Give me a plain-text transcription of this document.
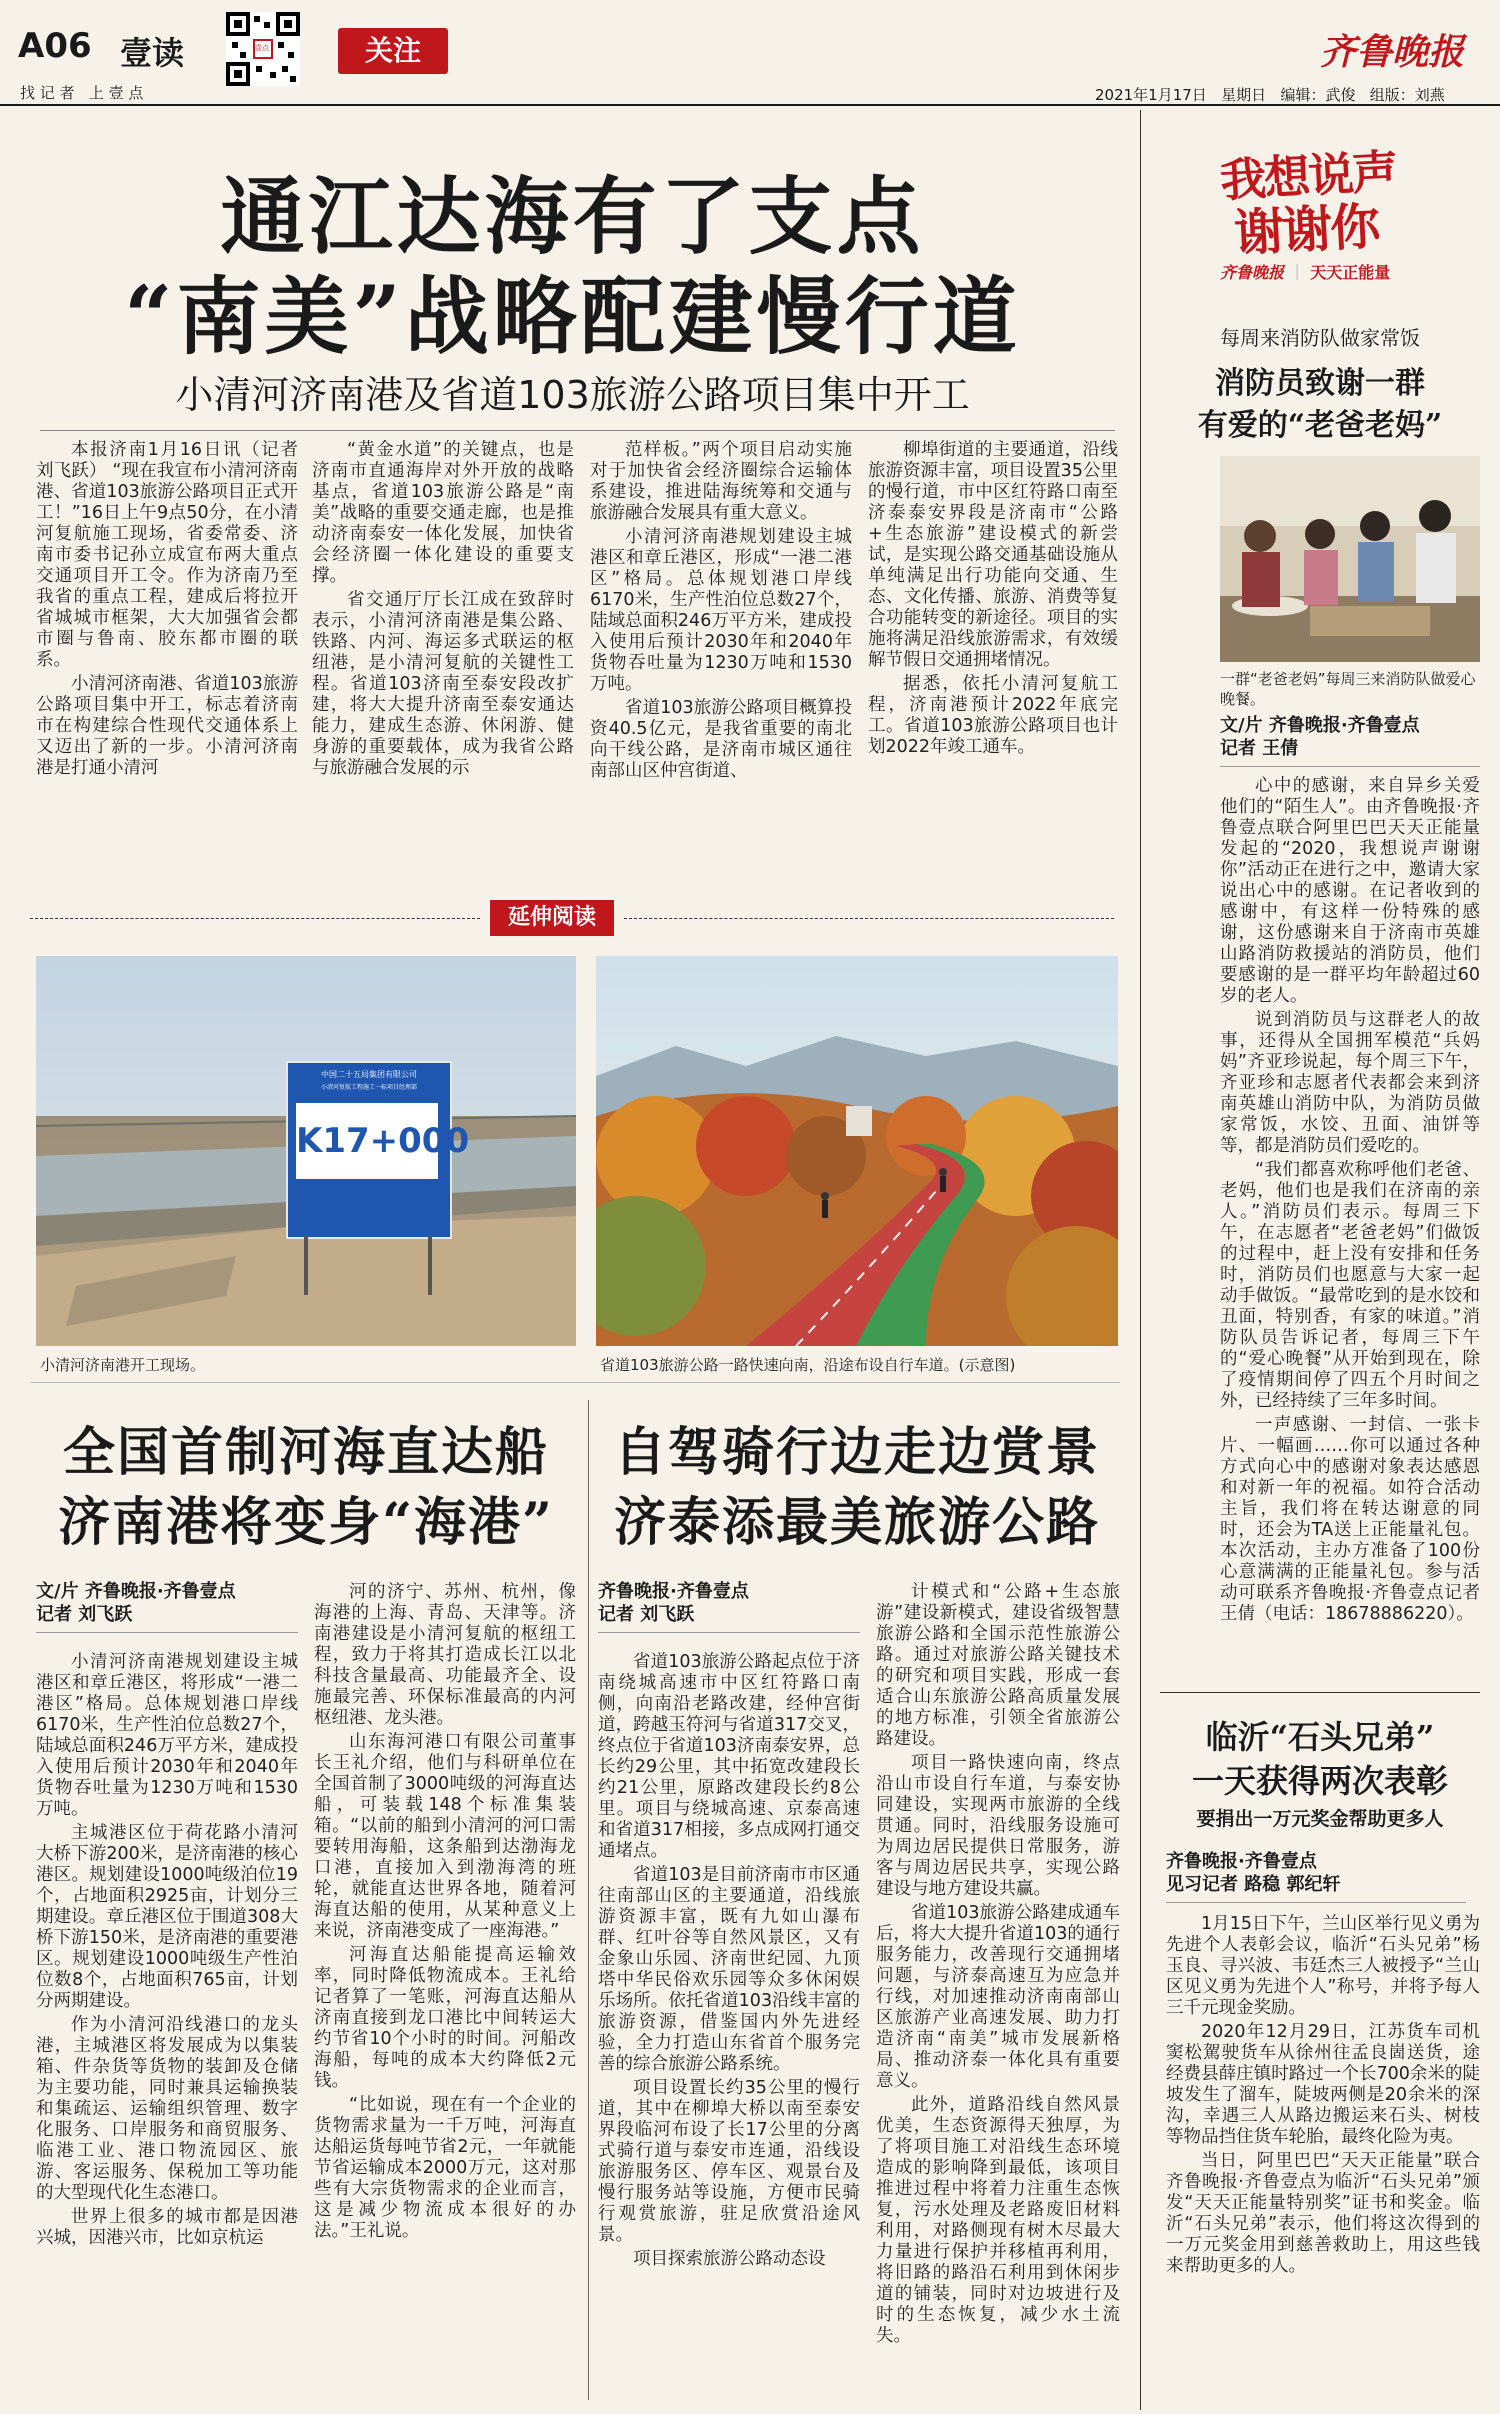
A06 壹读
找 记 者   上 壹 点
壹点	关注	齐鲁晚报
2021年1月17日 星期日 编辑：武俊 组版：刘燕
通江达海有了支点
“南美”战略配建慢行道
小清河济南港及省道103旅游公路项目集中开工

本报济南1月16日讯（记者 刘飞跃） “现在我宣布小清河济南港、省道103旅游公路项目正式开工！”16日上午9点50分，在小清河复航施工现场，省委常委、济南市委书记孙立成宣布两大重点交通项目开工令。作为济南乃至我省的重点工程，建成后将拉开省城城市框架，大大加强省会都市圈与鲁南、胶东都市圈的联系。

小清河济南港、省道103旅游公路项目集中开工，标志着济南市在构建综合性现代交通体系上又迈出了新的一步。小清河济南港是打通小清河

“黄金水道”的关键点，也是济南市直通海岸对外开放的战略基点，省道103旅游公路是“南美”战略的重要交通走廊，也是推动济南泰安一体化发展，加快省会经济圈一体化建设的重要支撑。

省交通厅厅长江成在致辞时表示，小清河济南港是集公路、铁路、内河、海运多式联运的枢纽港，是小清河复航的关键性工程。省道103济南至泰安段改扩建，将大大提升济南至泰安通达能力，建成生态游、休闲游、健身游的重要载体，成为我省公路与旅游融合发展的示

范样板。”两个项目启动实施对于加快省会经济圈综合运输体系建设，推进陆海统筹和交通与旅游融合发展具有重大意义。

小清河济南港规划建设主城港区和章丘港区，形成“一港二港区”格局。总体规划港口岸线6170米，生产性泊位总数27个，陆域总面积246万平方米，建成投入使用后预计2030年和2040年货物吞吐量为1230万吨和1530万吨。

省道103旅游公路项目概算投资40.5亿元，是我省重要的南北向干线公路，是济南市城区通往南部山区仲宫街道、

柳埠街道的主要通道，沿线旅游资源丰富，项目设置35公里的慢行道，市中区红符路口南至济泰泰安界段是济南市“公路+生态旅游”建设模式的新尝试，是实现公路交通基础设施从单纯满足出行功能向交通、生态、文化传播、旅游、消费等复合功能转变的新途径。项目的实施将满足沿线旅游需求，有效缓解节假日交通拥堵情况。

据悉，依托小清河复航工程，济南港预计2022年底完工。省道103旅游公路项目也计划2022年竣工通车。

延伸阅读
中国二十五局集团有限公司
小清河复航工程施工一标项目经理部
K17+000
小清河济南港开工现场。	省道103旅游公路一路快速向南，沿途布设自行车道。(示意图)
全国首制河海直达船
济南港将变身“海港”
文/片 齐鲁晚报·齐鲁壹点
记者 刘飞跃

小清河济南港规划建设主城港区和章丘港区，将形成“一港二港区”格局。总体规划港口岸线6170米，生产性泊位总数27个，陆域总面积246万平方米，建成投入使用后预计2030年和2040年货物吞吐量为1230万吨和1530万吨。

主城港区位于荷花路小清河大桥下游200米，是济南港的核心港区。规划建设1000吨级泊位19个，占地面积2925亩，计划分三期建设。章丘港区位于围道308大桥下游150米，是济南港的重要港区。规划建设1000吨级生产性泊位数8个，占地面积765亩，计划分两期建设。

作为小清河沿线港口的龙头港，主城港区将发展成为以集装箱、件杂货等货物的装卸及仓储为主要功能，同时兼具运输换装和集疏运、运输组织管理、数字化服务、口岸服务和商贸服务、临港工业、港口物流园区、旅游、客运服务、保税加工等功能的大型现代化生态港口。

世界上很多的城市都是因港兴城，因港兴市，比如京杭运

河的济宁、苏州、杭州，像海港的上海、青岛、天津等。济南港建设是小清河复航的枢纽工程，致力于将其打造成长江以北科技含量最高、功能最齐全、设施最完善、环保标准最高的内河枢纽港、龙头港。

山东海河港口有限公司董事长王礼介绍，他们与科研单位在全国首制了3000吨级的河海直达船，可装载148个标准集装箱。“以前的船到小清河的河口需要转用海船，这条船到达渤海龙口港，直接加入到渤海湾的班轮，就能直达世界各地，随着河海直达船的使用，从某种意义上来说，济南港变成了一座海港。”

河海直达船能提高运输效率，同时降低物流成本。王礼给记者算了一笔账，河海直达船从济南直接到龙口港比中间转运大约节省10个小时的时间。河船改海船，每吨的成本大约降低2元钱。

“比如说，现在有一个企业的货物需求量为一千万吨，河海直达船运货每吨节省2元，一年就能节省运输成本2000万元，这对那些有大宗货物需求的企业而言，这是减少物流成本很好的办法。”王礼说。

自驾骑行边走边赏景
济泰添最美旅游公路
齐鲁晚报·齐鲁壹点
记者 刘飞跃

省道103旅游公路起点位于济南绕城高速市中区红符路口南侧，向南沿老路改建，经仲宫街道，跨越玉符河与省道317交叉，终点位于省道103济南泰安界，总长约29公里，其中拓宽改建段长约21公里，原路改建段长约8公里。项目与绕城高速、京泰高速和省道317相接，多点成网打通交通堵点。

省道103是目前济南市市区通往南部山区的主要通道，沿线旅游资源丰富，既有九如山瀑布群、红叶谷等自然风景区，又有金象山乐园、济南世纪园、九顶塔中华民俗欢乐园等众多休闲娱乐场所。依托省道103沿线丰富的旅游资源，借鉴国内外先进经验，全力打造山东省首个服务完善的综合旅游公路系统。

项目设置长约35公里的慢行道，其中在柳埠大桥以南至泰安界段临河布设了长17公里的分离式骑行道与泰安市连通，沿线设旅游服务区、停车区、观景台及慢行服务站等设施，方便市民骑行观赏旅游，驻足欣赏沿途风景。

项目探索旅游公路动态设

计模式和“公路+生态旅游”建设新模式，建设省级智慧旅游公路和全国示范性旅游公路。通过对旅游公路关键技术的研究和项目实践，形成一套适合山东旅游公路高质量发展的地方标准，引领全省旅游公路建设。

项目一路快速向南，终点沿山市设自行车道，与泰安协同建设，实现两市旅游的全线贯通。同时，沿线服务设施可为周边居民提供日常服务，游客与周边居民共享，实现公路建设与地方建设共赢。

省道103旅游公路建成通车后，将大大提升省道103的通行服务能力，改善现行交通拥堵问题，与济泰高速互为应急并行线，对加速推动济南南部山区旅游产业高速发展、助力打造济南“南美”城市发展新格局、推动济泰一体化具有重要意义。

此外，道路沿线自然风景优美，生态资源得天独厚，为了将项目施工对沿线生态环境造成的影响降到最低，该项目推进过程中将着力注重生态恢复，污水处理及老路废旧材料利用，对路侧现有树木尽最大力量进行保护并移植再利用，将旧路的路沿石利用到休闲步道的铺装，同时对边坡进行及时的生态恢复，减少水土流失。

我想说声
谢谢你
齐鲁晚报 ｜ 天天正能量
每周来消防队做家常饭
消防员致谢一群
有爱的“老爸老妈”
一群“老爸老妈”每周三来消防队做爱心晚餐。
文/片 齐鲁晚报·齐鲁壹点
记者 王倩

心中的感谢，来自异乡关爱他们的“陌生人”。由齐鲁晚报·齐鲁壹点联合阿里巴巴天天正能量发起的“2020，我想说声谢谢你”活动正在进行之中，邀请大家说出心中的感谢。在记者收到的感谢中，有这样一份特殊的感谢，这份感谢来自于济南市英雄山路消防救援站的消防员，他们要感谢的是一群平均年龄超过60岁的老人。

说到消防员与这群老人的故事，还得从全国拥军模范“兵妈妈”齐亚珍说起，每个周三下午，齐亚珍和志愿者代表都会来到济南英雄山消防中队，为消防员做家常饭，水饺、丑面、油饼等等，都是消防员们爱吃的。

“我们都喜欢称呼他们老爸、老妈，他们也是我们在济南的亲人。”消防员们表示。每周三下午，在志愿者“老爸老妈”们做饭的过程中，赶上没有安排和任务时，消防员们也愿意与大家一起动手做饭。“最常吃到的是水饺和丑面，特别香，有家的味道。”消防队员告诉记者，每周三下午的“爱心晚餐”从开始到现在，除了疫情期间停了四五个月时间之外，已经持续了三年多时间。

一声感谢、一封信、一张卡片、一幅画……你可以通过各种方式向心中的感谢对象表达感恩和对新一年的祝福。如符合活动主旨，我们将在转达谢意的同时，还会为TA送上正能量礼包。本次活动，主办方准备了100份心意满满的正能量礼包。参与活动可联系齐鲁晚报·齐鲁壹点记者王倩（电话：18678886220）。

临沂“石头兄弟”
一天获得两次表彰
要捐出一万元奖金帮助更多人
齐鲁晚报·齐鲁壹点
见习记者 路稳 郭纪轩

1月15日下午，兰山区举行见义勇为先进个人表彰会议，临沂“石头兄弟”杨玉良、寻兴波、韦廷杰三人被授予“兰山区见义勇为先进个人”称号，并将予每人三千元现金奖励。

2020年12月29日，江苏货车司机窦松駕驶货车从徐州往孟良崮送货，途经费县薛庄镇时路过一个长700余米的陡坡发生了溜车，陡坡两侧是20余米的深沟，幸遇三人从路边搬运来石头、树枝等物品挡住货车轮胎，最终化险为夷。

当日，阿里巴巴“天天正能量”联合齐鲁晚报·齐鲁壹点为临沂“石头兄弟”颁发“天天正能量特别奖”证书和奖金。临沂“石头兄弟”表示，他们将这次得到的一万元奖金用到慈善救助上，用这些钱来帮助更多的人。
